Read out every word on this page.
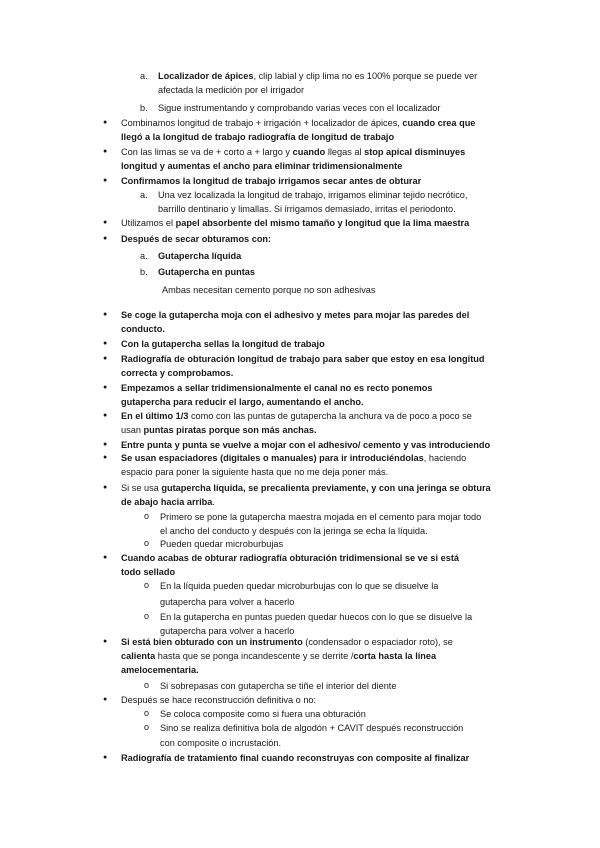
a. Localizador de ápices, clip labial y clip lima no es 100% porque se puede ver
afectada la medición por el irrigador
b. Sigue instrumentando y comprobando varias veces con el localizador
● Combinamos longitud de trabajo + irrigación + localizador de ápices, cuando crea que
llegó a la longitud de trabajo radiografía de longitud de trabajo
● Con las limas se va de + corto a + largo y cuando llegas al stop apical disminuyes
longitud y aumentas el ancho para eliminar tridimensionalmente
● Confirmamos la longitud de trabajo irrigamos secar antes de obturar
a. Una vez localizada la longitud de trabajo, irrigamos eliminar tejido necrótico,
barrillo dentinario y limallas. Si irrigamos demasiado, irritas el periodonto.
● Utilizamos el papel absorbente del mismo tamaño y longitud que la lima maestra
● Después de secar obturamos con:
a. Gutapercha líquida
b. Gutapercha en puntas
Ambas necesitan cemento porque no son adhesivas
● Se coge la gutapercha moja con el adhesivo y metes para mojar las paredes del
conducto.
● Con la gutapercha sellas la longitud de trabajo
● Radiografía de obturación longitud de trabajo para saber que estoy en esa longitud
correcta y comprobamos.
● Empezamos a sellar tridimensionalmente el canal no es recto ponemos
gutapercha para reducir el largo, aumentando el ancho.
● En el último 1/3 como con las puntas de gutapercha la anchura va de poco a poco se
usan puntas piratas porque son más anchas.
● Entre punta y punta se vuelve a mojar con el adhesivo/ cemento y vas introduciendo
● Se usan espaciadores (digitales o manuales) para ir introduciéndolas, haciendo
espacio para poner la siguiente hasta que no me deja poner más.
● Si se usa gutapercha líquida, se precalienta previamente, y con una jeringa se obtura
de abajo hacia arriba.
o Primero se pone la gutapercha maestra mojada en el cemento para mojar todo
el ancho del conducto y después con la jeringa se echa la líquida.
o Pueden quedar microburbujas
● Cuando acabas de obturar radiografía obturación tridimensional se ve si está
todo sellado
o En la líquida pueden quedar microburbujas con lo que se disuelve la
gutapercha para volver a hacerlo
o En la gutapercha en puntas pueden quedar huecos con lo que se disuelve la
gutapercha para volver a hacerlo
● Si está bien obturado con un instrumento (condensador o espaciador roto), se
calienta hasta que se ponga incandescente y se derrite /corta hasta la línea
amelocementaria.
o Si sobrepasas con gutapercha se tiñe el interior del diente
● Después se hace reconstrucción definitiva o no:
o Se coloca composite como si fuera una obturación
o Sino se realiza definitiva bola de algodón + CAVIT después reconstrucción
con composite o incrustación.
● Radiografía de tratamiento final cuando reconstruyas con composite al finalizar
